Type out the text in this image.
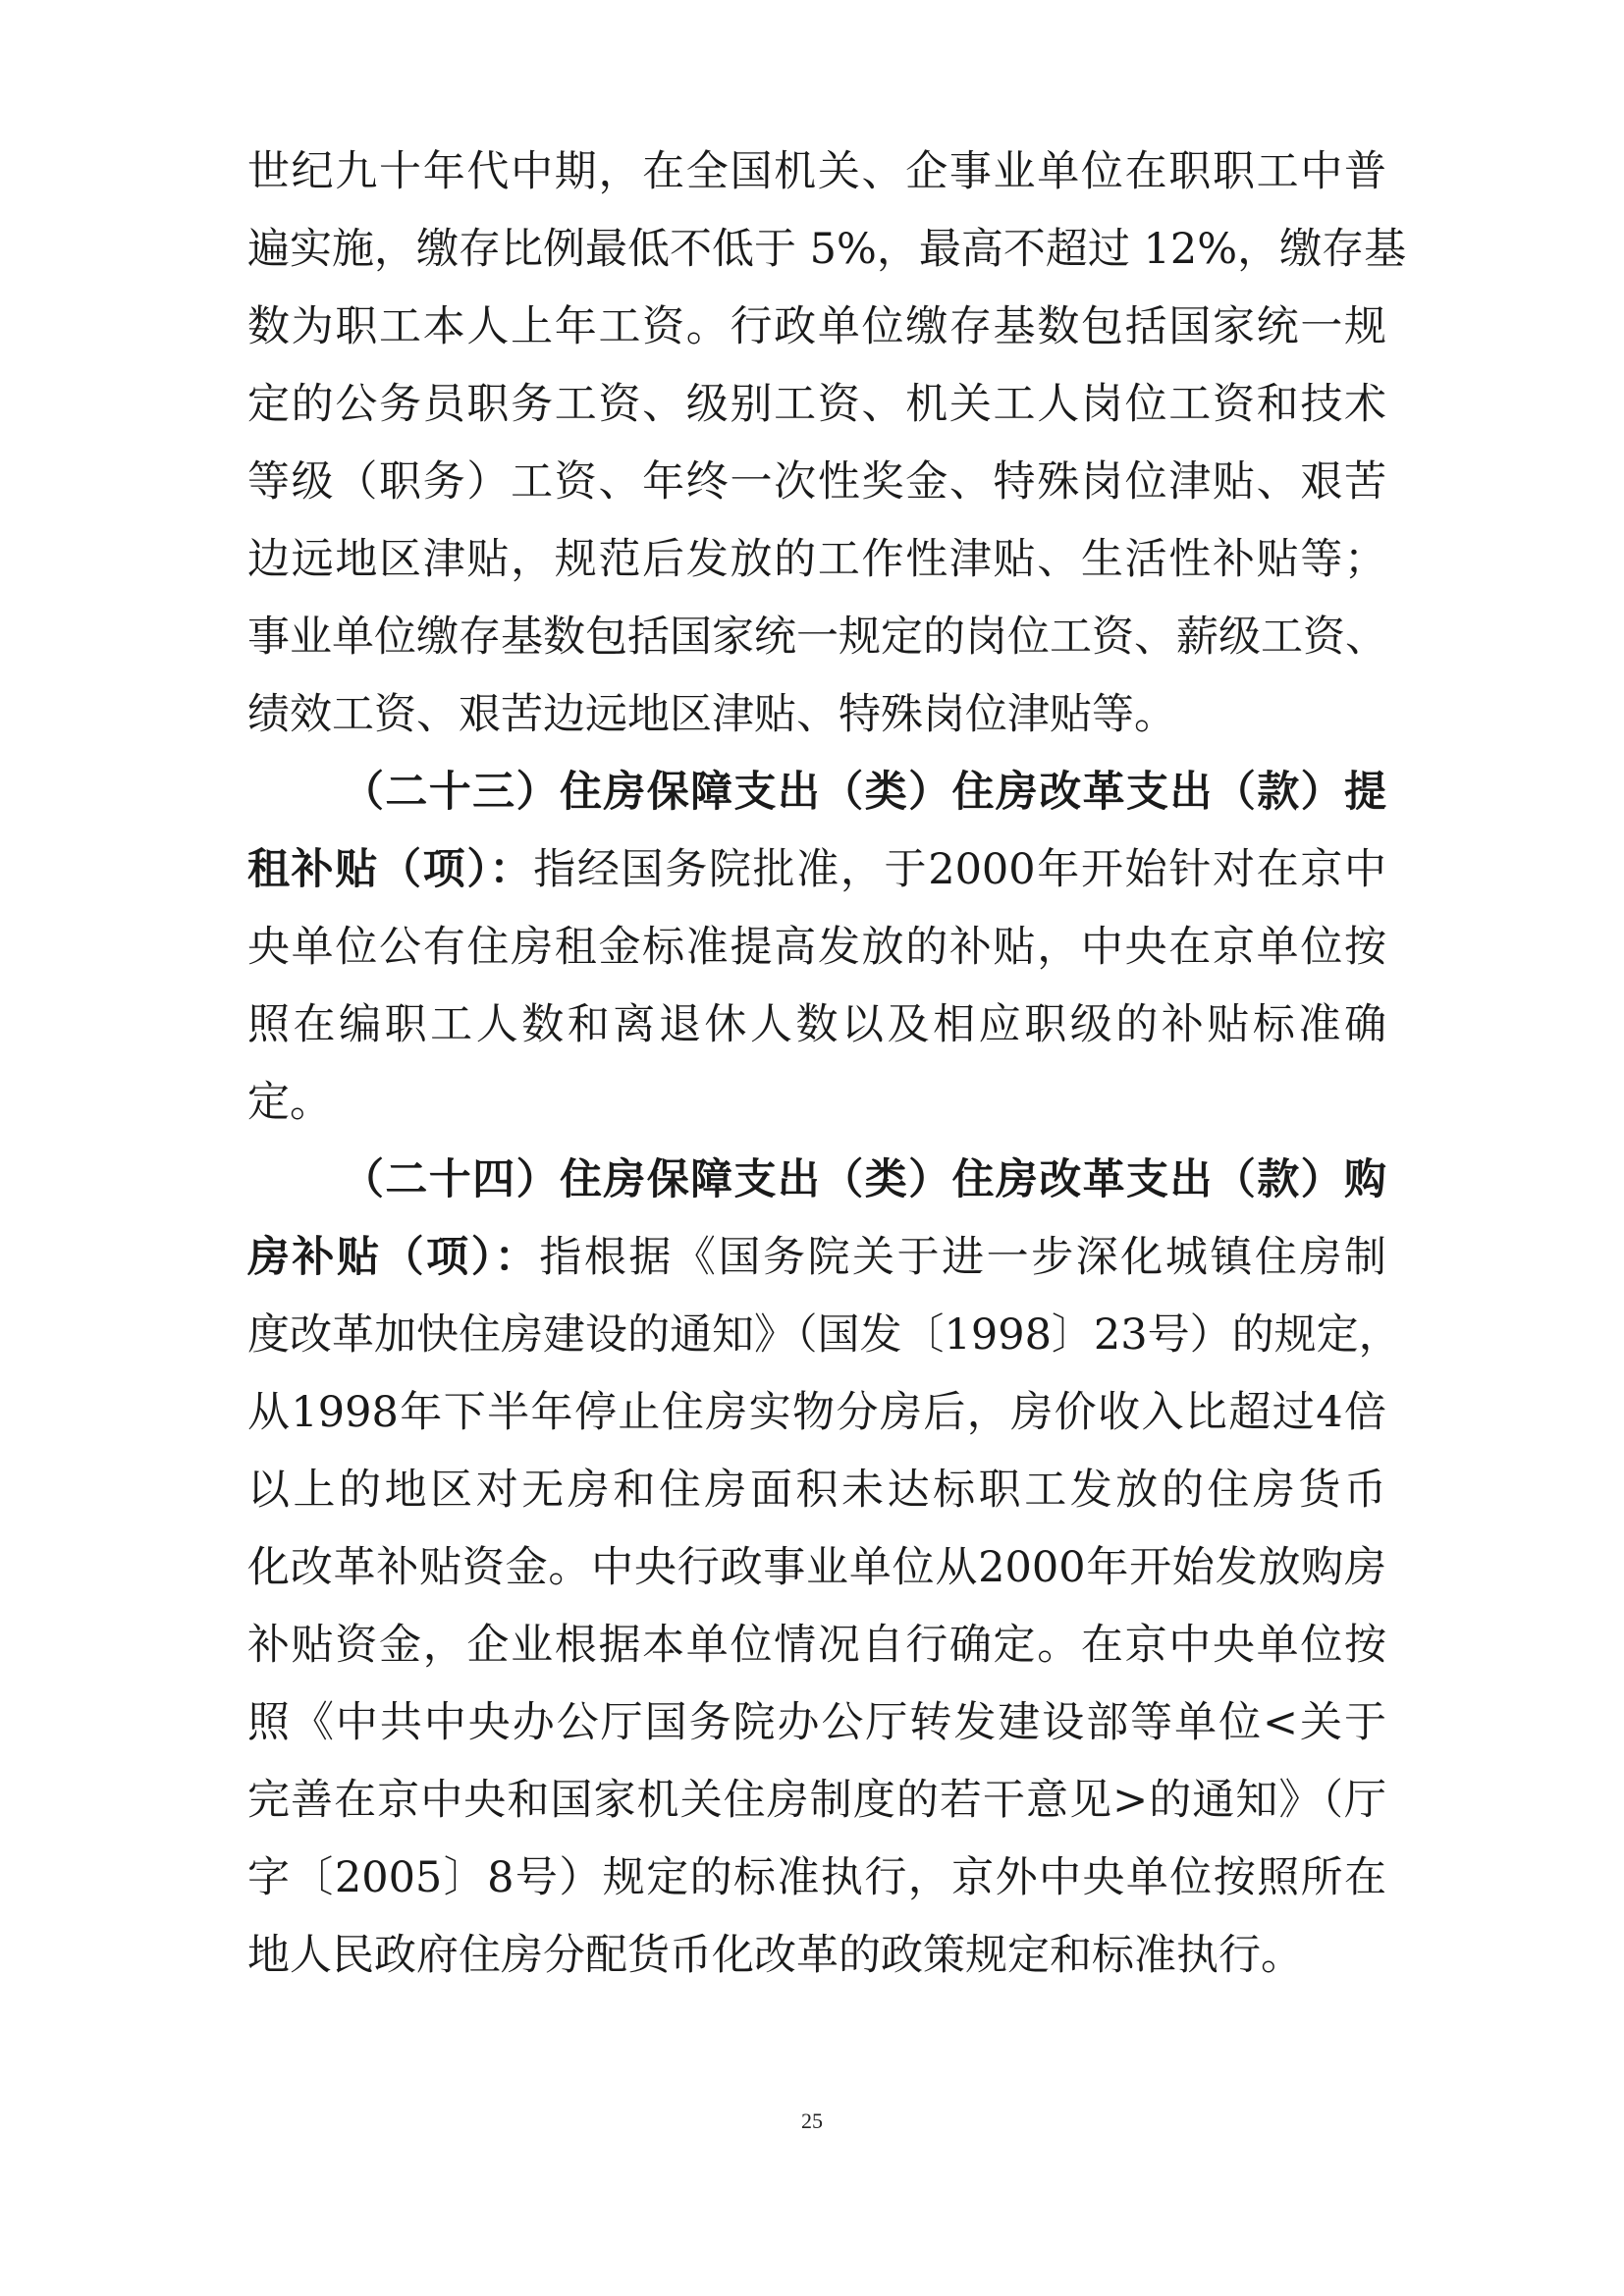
世纪九十年代中期，在全国机关、企事业单位在职职工中普
遍实施，缴存比例最低不低于 5%，最高不超过 12%，缴存基
数为职工本人上年工资。行政单位缴存基数包括国家统一规
定的公务员职务工资、级别工资、机关工人岗位工资和技术
等级（职务）工资、年终一次性奖金、特殊岗位津贴、艰苦
边远地区津贴，规范后发放的工作性津贴、生活性补贴等；
事业单位缴存基数包括国家统一规定的岗位工资、薪级工资、
绩效工资、艰苦边远地区津贴、特殊岗位津贴等。
（二十三）住房保障支出（类）住房改革支出（款）提
租补贴（项）：指经国务院批准，于2000年开始针对在京中
央单位公有住房租金标准提高发放的补贴，中央在京单位按
照在编职工人数和离退休人数以及相应职级的补贴标准确
定。
（二十四）住房保障支出（类）住房改革支出（款）购
房补贴（项）：指根据《国务院关于进一步深化城镇住房制
度改革加快住房建设的通知》（国发〔1998〕23号）的规定，
从1998年下半年停止住房实物分房后，房价收入比超过4倍
以上的地区对无房和住房面积未达标职工发放的住房货币
化改革补贴资金。中央行政事业单位从2000年开始发放购房
补贴资金，企业根据本单位情况自行确定。在京中央单位按
照《中共中央办公厅国务院办公厅转发建设部等单位<关于
完善在京中央和国家机关住房制度的若干意见>的通知》（厅
字〔2005〕8号）规定的标准执行，京外中央单位按照所在
地人民政府住房分配货币化改革的政策规定和标准执行。
25
